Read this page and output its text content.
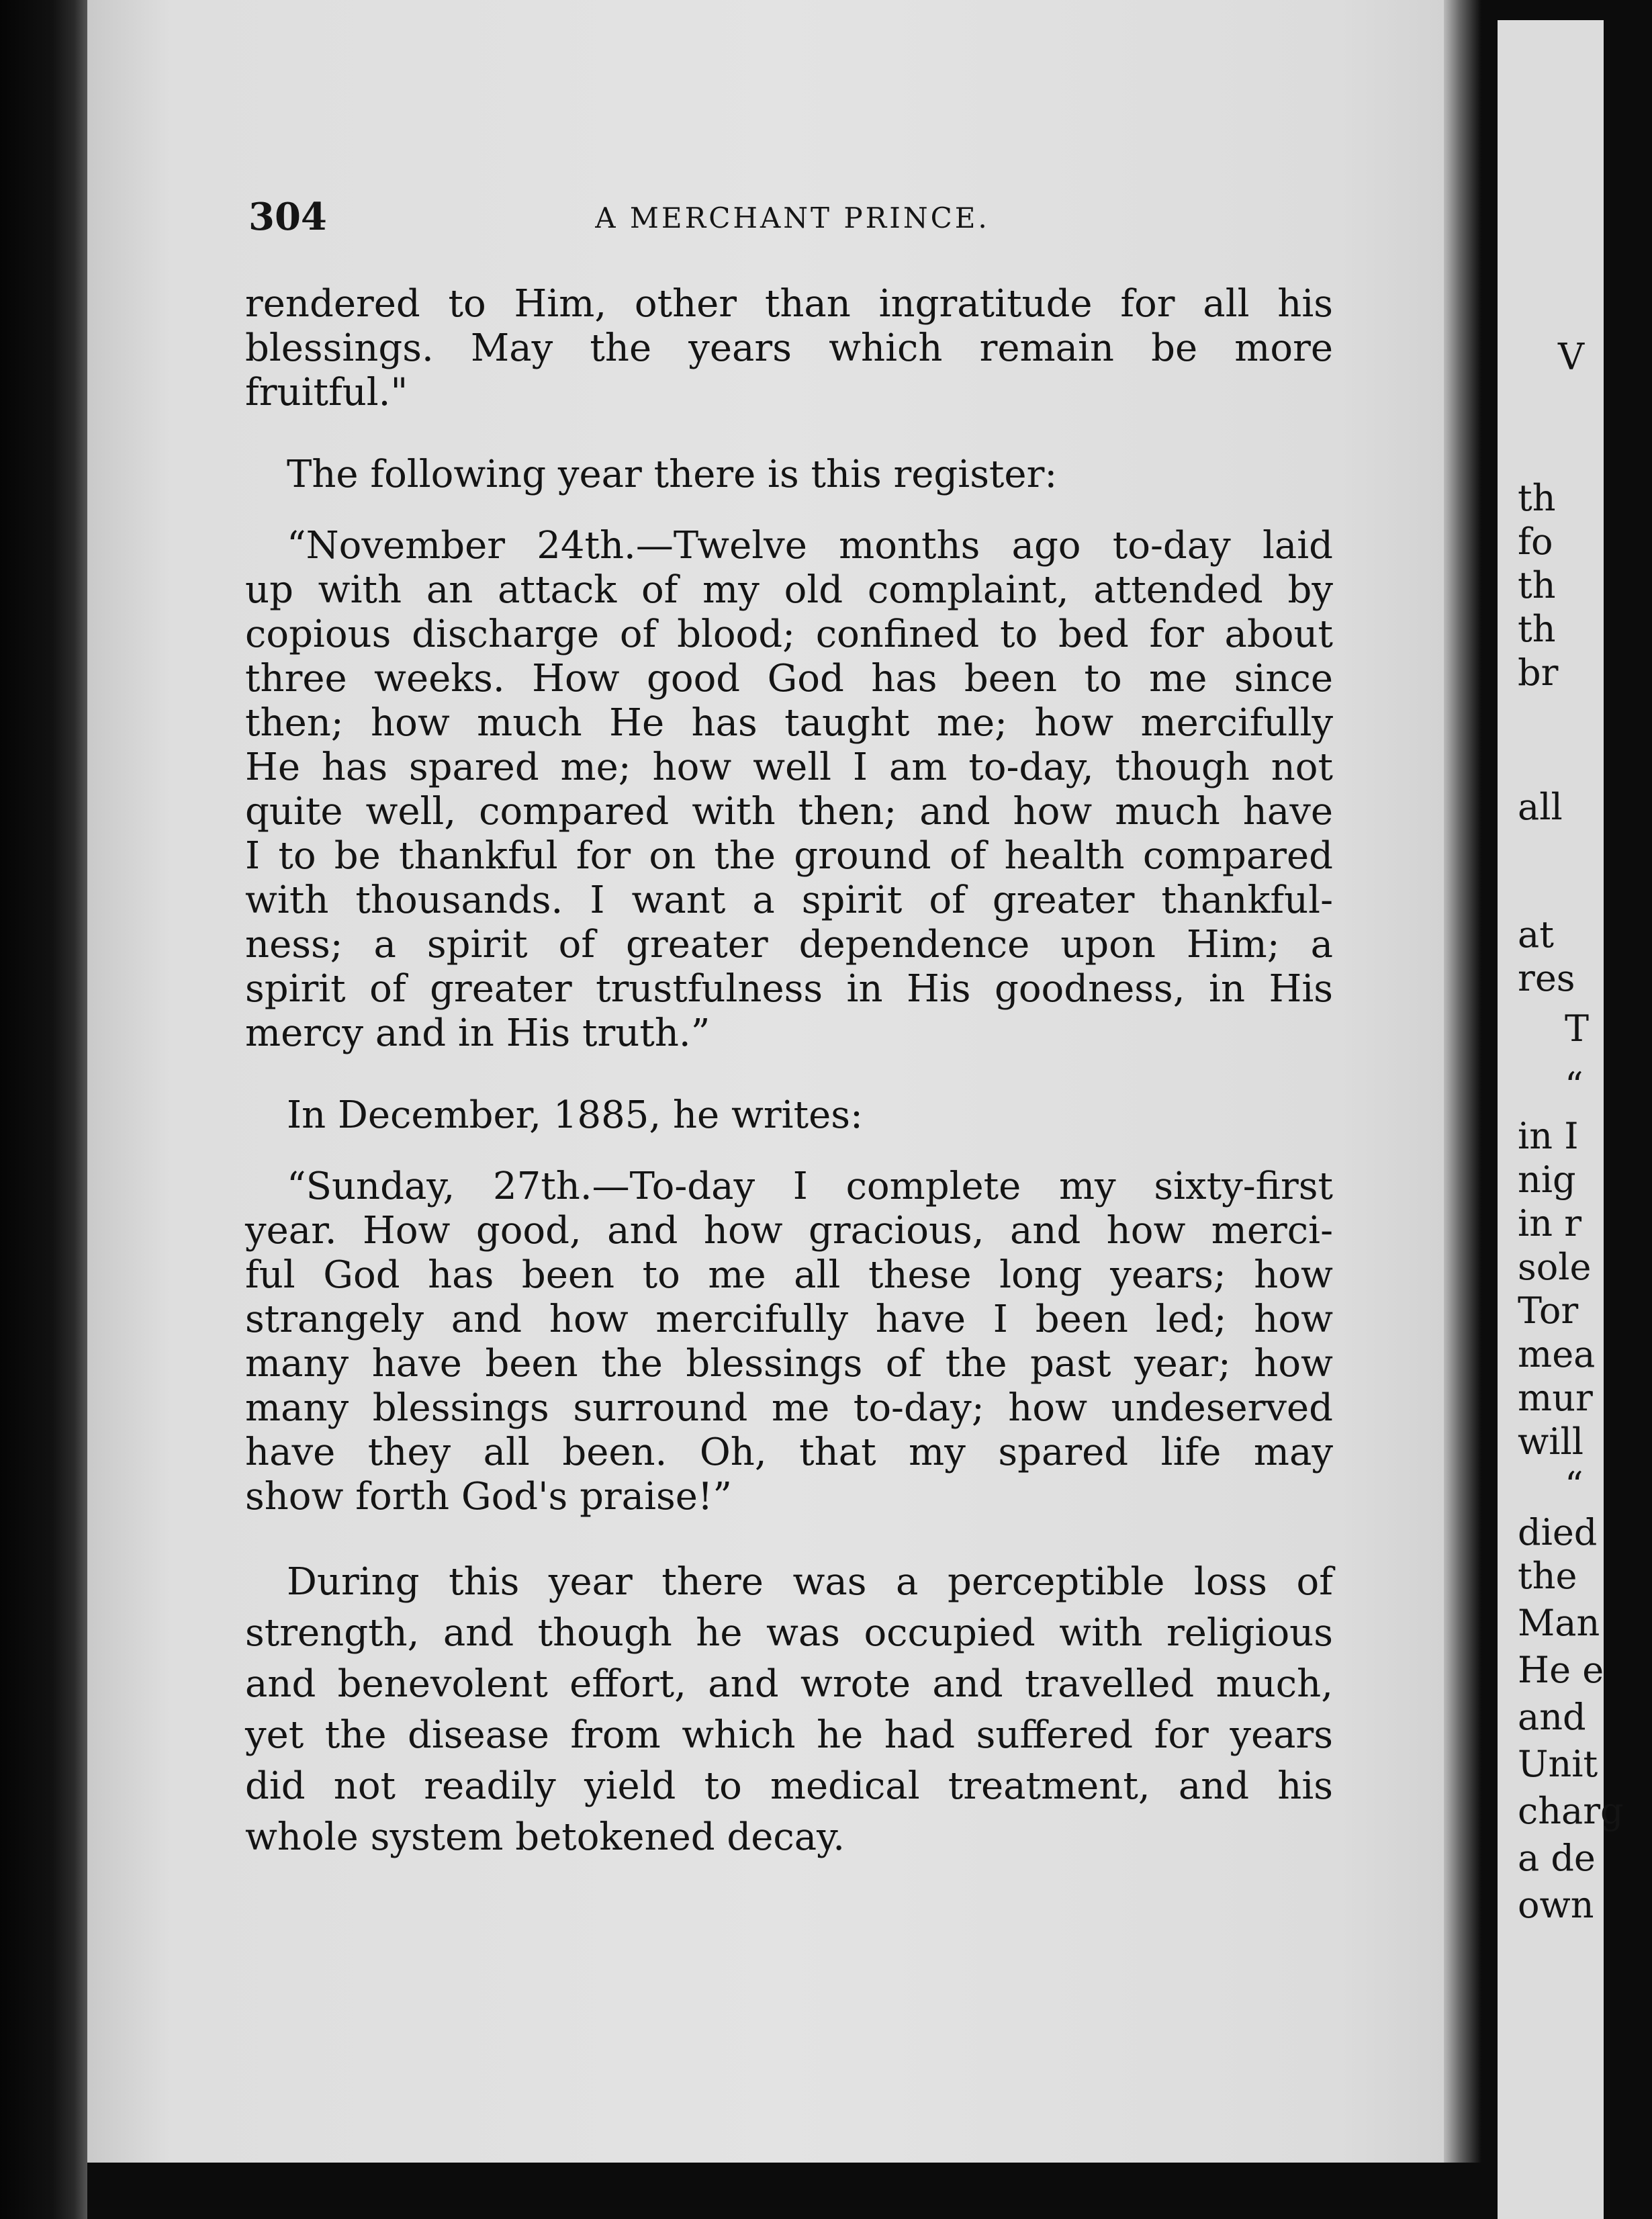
304	A MERCHANT PRINCE.
rendered to Him, other than ingratitude for all his
blessings. May the years which remain be more
fruitful."
The following year there is this register:
“November 24th.—Twelve months ago to-day laid
up with an attack of my old complaint, attended by
copious discharge of blood; confined to bed for about
three weeks. How good God has been to me since
then; how much He has taught me; how mercifully
He has spared me; how well I am to-day, though not
quite well, compared with then; and how much have
I to be thankful for on the ground of health compared
with thousands. I want a spirit of greater thankful-
ness; a spirit of greater dependence upon Him; a
spirit of greater trustfulness in His goodness, in His
mercy and in His truth.”
In December, 1885, he writes:
“Sunday, 27th.—To-day I complete my sixty-first
year. How good, and how gracious, and how merci-
ful God has been to me all these long years; how
strangely and how mercifully have I been led; how
many have been the blessings of the past year; how
many blessings surround me to-day; how undeserved
have they all been. Oh, that my spared life may
show forth God's praise!”
During this year there was a perceptible loss of
strength, and though he was occupied with religious
and benevolent effort, and wrote and travelled much,
yet the disease from which he had suffered for years
did not readily yield to medical treatment, and his
whole system betokened decay.
V
th
fo
th
th
br
all
at
res
T
“
in I
nig
in r
sole
Tor
mea
mur
will
“
died
the
Man
He e
and
Unit
charg
a de
own
